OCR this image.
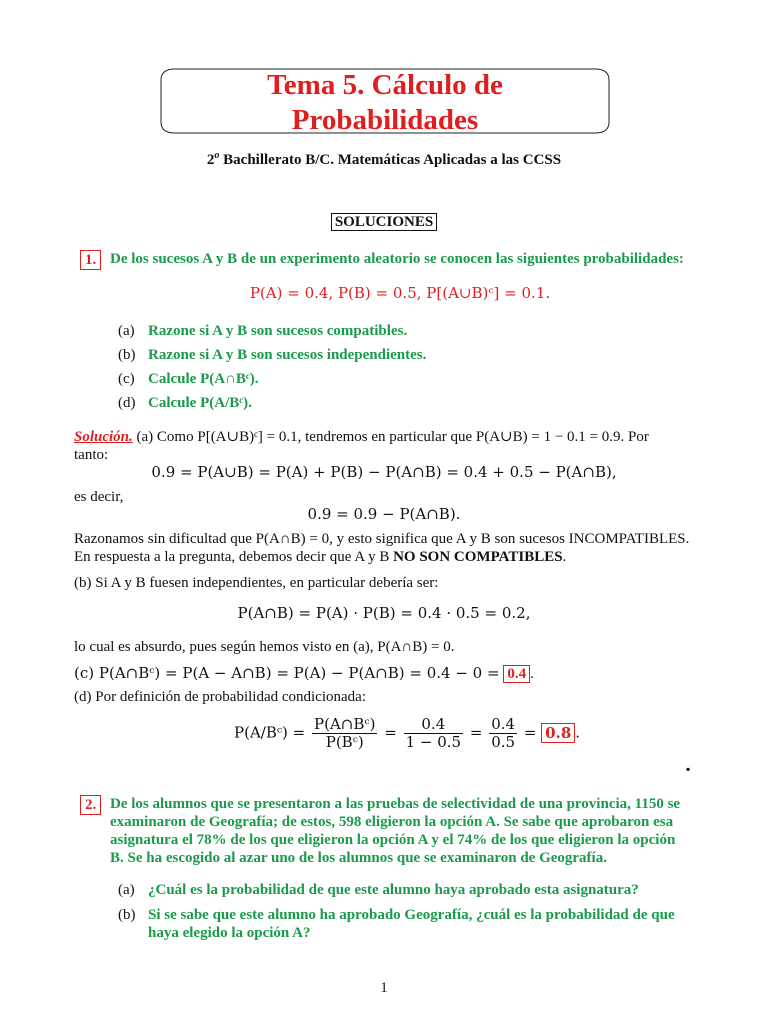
Tema 5. Cálculo de
Probabilidades
2$^o$ Bachillerato B/C. Matemáticas Aplicadas a las CCSS
SOLUCIONES
1. De los sucesos A y B de un experimento aleatorio se conocen las siguientes probabilidades:
P(A) = 0.4, P(B) = 0.5, P[(A∪B)ᶜ] = 0.1.
(a) Razone si A y B son sucesos compatibles.
(b) Razone si A y B son sucesos independientes.
(c) Calcule P(A∩Bᶜ).
(d) Calcule P(A/Bᶜ).
Solución. (a) Como P[(A∪B)ᶜ] = 0.1, tendremos en particular que P(A∪B) = 1 − 0.1 = 0.9. Por
tanto:
0.9 = P(A∪B) = P(A) + P(B) − P(A∩B) = 0.4 + 0.5 − P(A∩B),
es decir,
0.9 = 0.9 − P(A∩B).
Razonamos sin dificultad que P(A∩B) = 0, y esto significa que A y B son sucesos INCOMPATIBLES.
En respuesta a la pregunta, debemos decir que A y B NO SON COMPATIBLES.
(b) Si A y B fuesen independientes, en particular debería ser:
P(A∩B) = P(A) · P(B) = 0.4 · 0.5 = 0.2,
lo cual es absurdo, pues según hemos visto en (a), P(A∩B) = 0.
(c) P(A∩Bᶜ) = P(A − A∩B) = P(A) − P(A∩B) = 0.4 − 0 = 0.4 .
(d) Por definición de probabilidad condicionada:
P(A/Bᶜ) = $\frac{\text{P(A∩Bᶜ)}}{\text{P(Bᶜ)}} = \frac{0.4}{1 - 0.5} = \frac{0.4}{0.5} = 0.8$ .
▪
2. De los alumnos que se presentaron a las pruebas de selectividad de una provincia, 1150 se
examinaron de Geografía; de estos, 598 eligieron la opción A. Se sabe que aprobaron esa
asignatura el 78% de los que eligieron la opción A y el 74% de los que eligieron la opción
B. Se ha escogido al azar uno de los alumnos que se examinaron de Geografía.
(a) ¿Cuál es la probabilidad de que este alumno haya aprobado esta asignatura?
(b) Si se sabe que este alumno ha aprobado Geografía, ¿cuál es la probabilidad de que
haya elegido la opción A?
1
